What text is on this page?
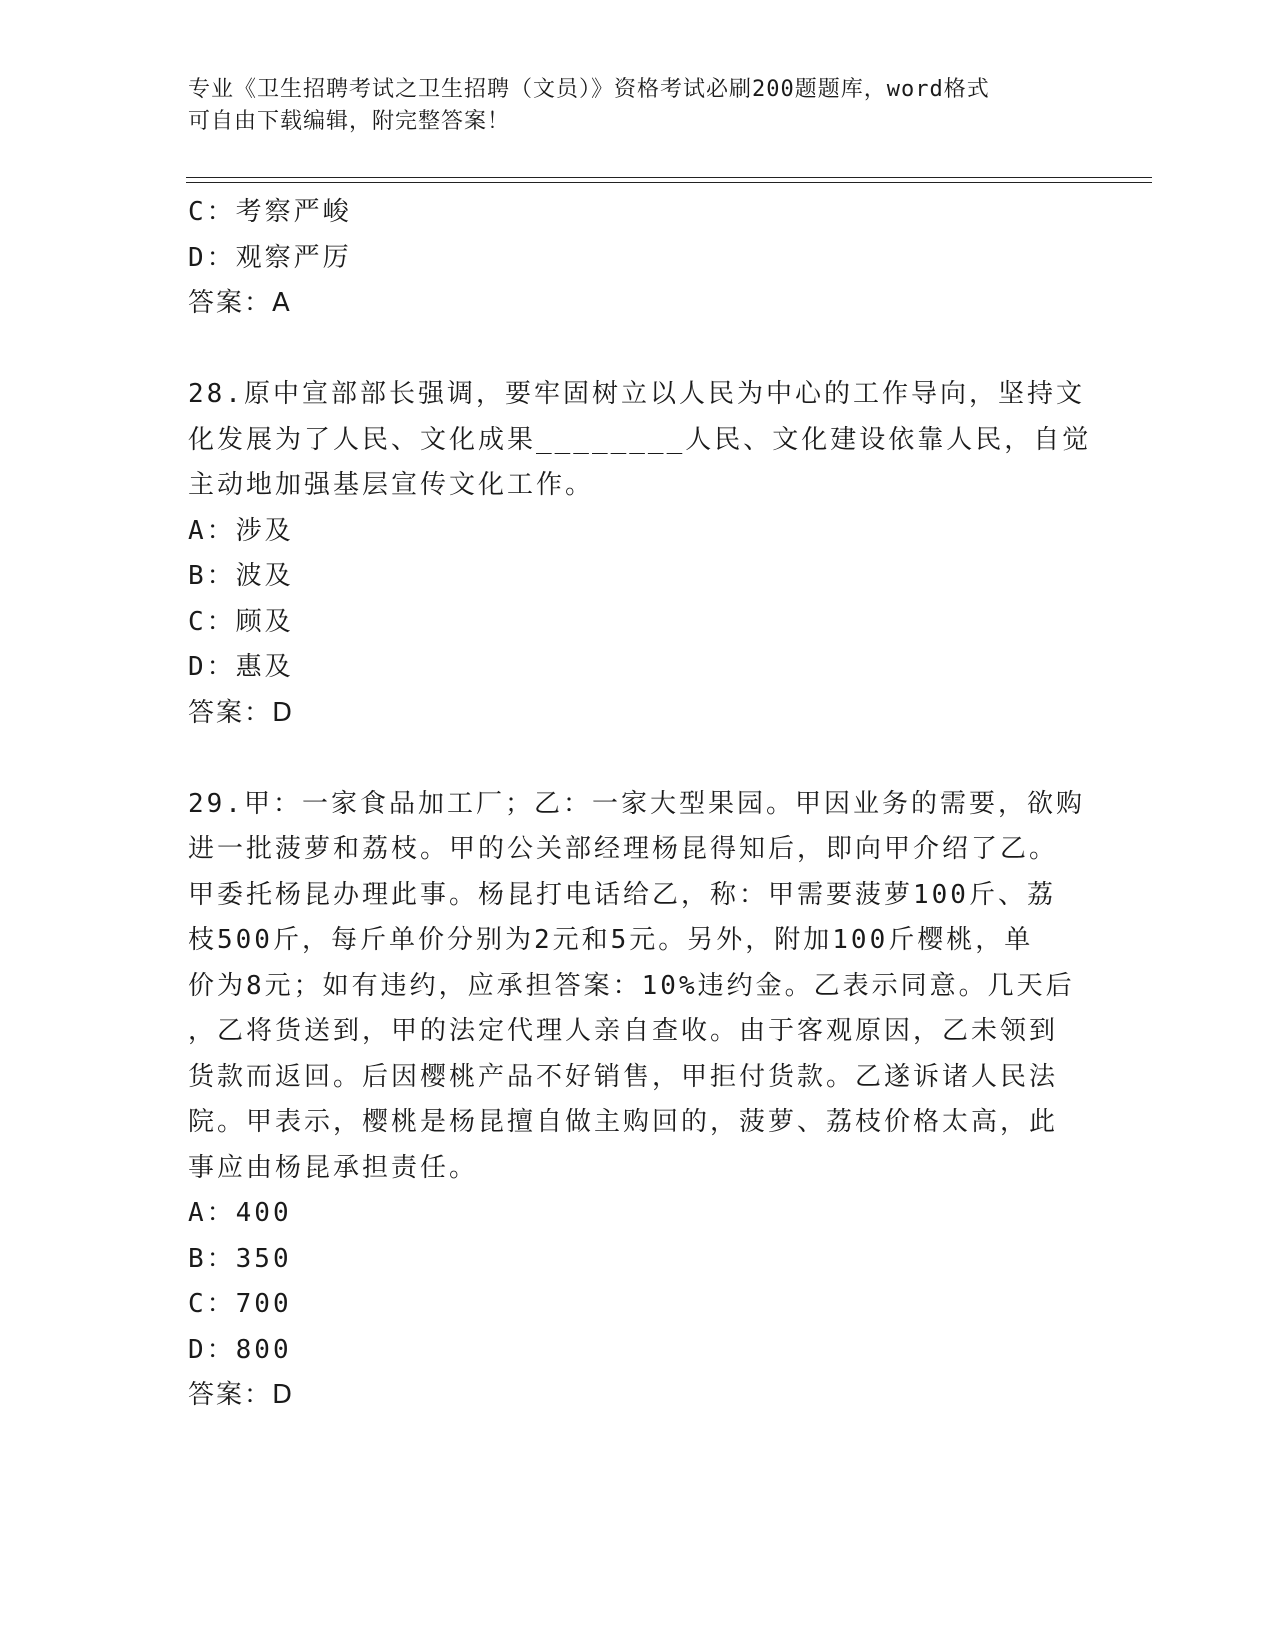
专业《卫生招聘考试之卫生招聘（文员）》资格考试必刷200题题库，word格式
可自由下载编辑，附完整答案！
C：考察严峻
D：观察严厉
答案：A
28.原中宣部部长强调，要牢固树立以人民为中心的工作导向，坚持文
化发展为了人民、文化成果________人民、文化建设依靠人民，自觉
主动地加强基层宣传文化工作。
A：涉及
B：波及
C：顾及
D：惠及
答案：D
29.甲：一家食品加工厂；乙：一家大型果园。甲因业务的需要，欲购
进一批菠萝和荔枝。甲的公关部经理杨昆得知后，即向甲介绍了乙。
甲委托杨昆办理此事。杨昆打电话给乙，称：甲需要菠萝100斤、荔
枝500斤，每斤单价分别为2元和5元。另外，附加100斤樱桃，单
价为8元；如有违约，应承担答案：10%违约金。乙表示同意。几天后
，乙将货送到，甲的法定代理人亲自查收。由于客观原因，乙未领到
货款而返回。后因樱桃产品不好销售，甲拒付货款。乙遂诉诸人民法
院。甲表示，樱桃是杨昆擅自做主购回的，菠萝、荔枝价格太高，此
事应由杨昆承担责任。
A：400
B：350
C：700
D：800
答案：D
